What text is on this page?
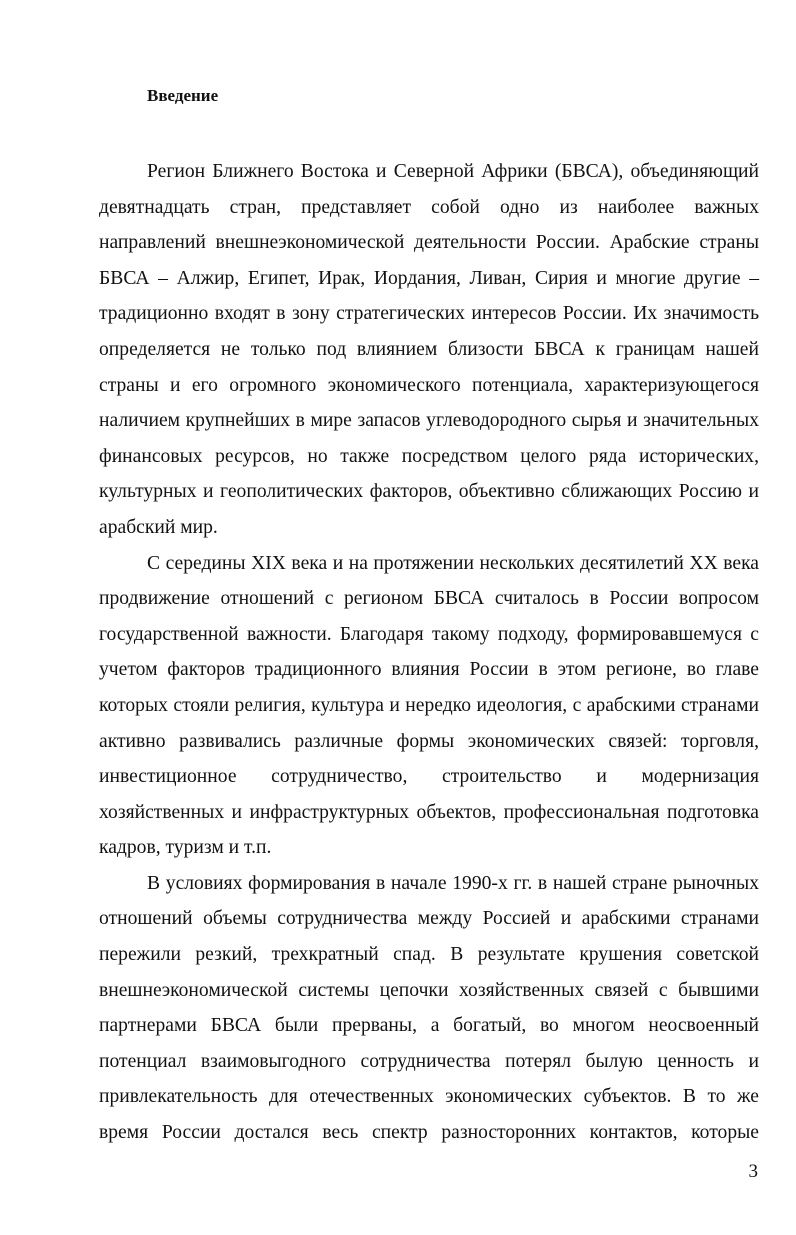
Введение

Регион Ближнего Востока и Северной Африки (БВСА), объединяющий девятнадцать стран, представляет собой одно из наиболее важных направлений внешнеэкономической деятельности России. Арабские страны БВСА – Алжир, Египет, Ирак, Иордания, Ливан, Сирия и многие другие – традиционно входят в зону стратегических интересов России. Их значимость определяется не только под влиянием близости БВСА к границам нашей страны и его огромного экономического потенциала, характеризующегося наличием крупнейших в мире запасов углеводородного сырья и значительных финансовых ресурсов, но также посредством целого ряда исторических, культурных и геополитических факторов, объективно сближающих Россию и арабский мир.

С середины XIX века и на протяжении нескольких десятилетий XX века продвижение отношений с регионом БВСА считалось в России вопросом государственной важности. Благодаря такому подходу, формировавшемуся с учетом факторов традиционного влияния России в этом регионе, во главе которых стояли религия, культура и нередко идеология, с арабскими странами активно развивались различные формы экономических связей: торговля, инвестиционное сотрудничество, строительство и модернизация хозяйственных и инфраструктурных объектов, профессиональная подготовка кадров, туризм и т.п.

В условиях формирования в начале 1990-х гг. в нашей стране рыночных отношений объемы сотрудничества между Россией и арабскими странами пережили резкий, трехкратный спад. В результате крушения советской внешнеэкономической системы цепочки хозяйственных связей с бывшими партнерами БВСА были прерваны, а богатый, во многом неосвоенный потенциал взаимовыгодного сотрудничества потерял былую ценность и привлекательность для отечественных экономических субъектов. В то же время России достался весь спектр разносторонних контактов, которые

3
